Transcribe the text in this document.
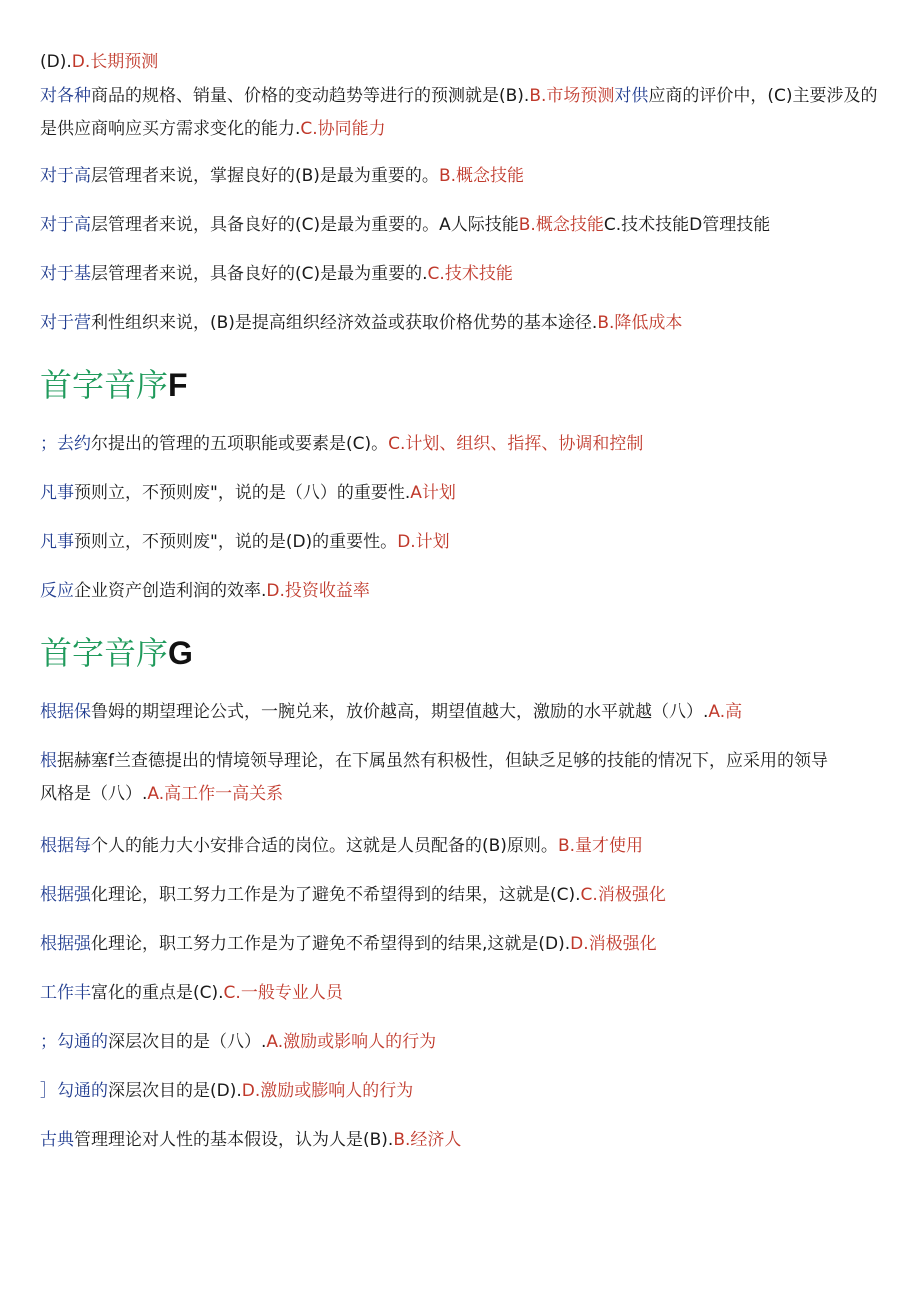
(D).D.长期预测
对各种商品的规格、销量、价格的变动趋势等进行的预测就是(B).B.市场预测对供应商的评价中，(C)主要涉及的是供应商响应买方需求变化的能力.C.协同能力
对于高层管理者来说，掌握良好的(B)是最为重要的。B.概念技能
对于高层管理者来说，具备良好的(C)是最为重要的。A人际技能B.概念技能C.技术技能D管理技能
对于基层管理者来说，具备良好的(C)是最为重要的.C.技术技能
对于营利性组织来说，(B)是提高组织经济效益或获取价格优势的基本途径.B.降低成本
首字音序F
；去约尔提出的管理的五项职能或要素是(C)。C.计划、组织、指挥、协调和控制
凡事预则立，不预则废"，说的是（八）的重要性.A计划
凡事预则立，不预则废"，说的是(D)的重要性。D.计划
反应企业资产创造利润的效率.D.投资收益率
首字音序G
根据保鲁姆的期望理论公式，一腕兑来，放价越高，期望值越大，激励的水平就越（八）.A.高
根据赫塞f兰查德提出的情境领导理论，在下属虽然有积极性，但缺乏足够的技能的情况下，应采用的领导风格是（八）.A.高工作一高关系
根据每个人的能力大小安排合适的岗位。这就是人员配备的(B)原则。B.量才使用
根据强化理论，职工努力工作是为了避免不希望得到的结果，这就是(C).C.消极强化
根据强化理论，职工努力工作是为了避免不希望得到的结果,这就是(D).D.消极强化
工作丰富化的重点是(C).C.一般专业人员
；勾通的深层次目的是（八）.A.激励或影响人的行为
］勾通的深层次目的是(D).D.激励或膨响人的行为
古典管理理论对人性的基本假设，认为人是(B).B.经济人
